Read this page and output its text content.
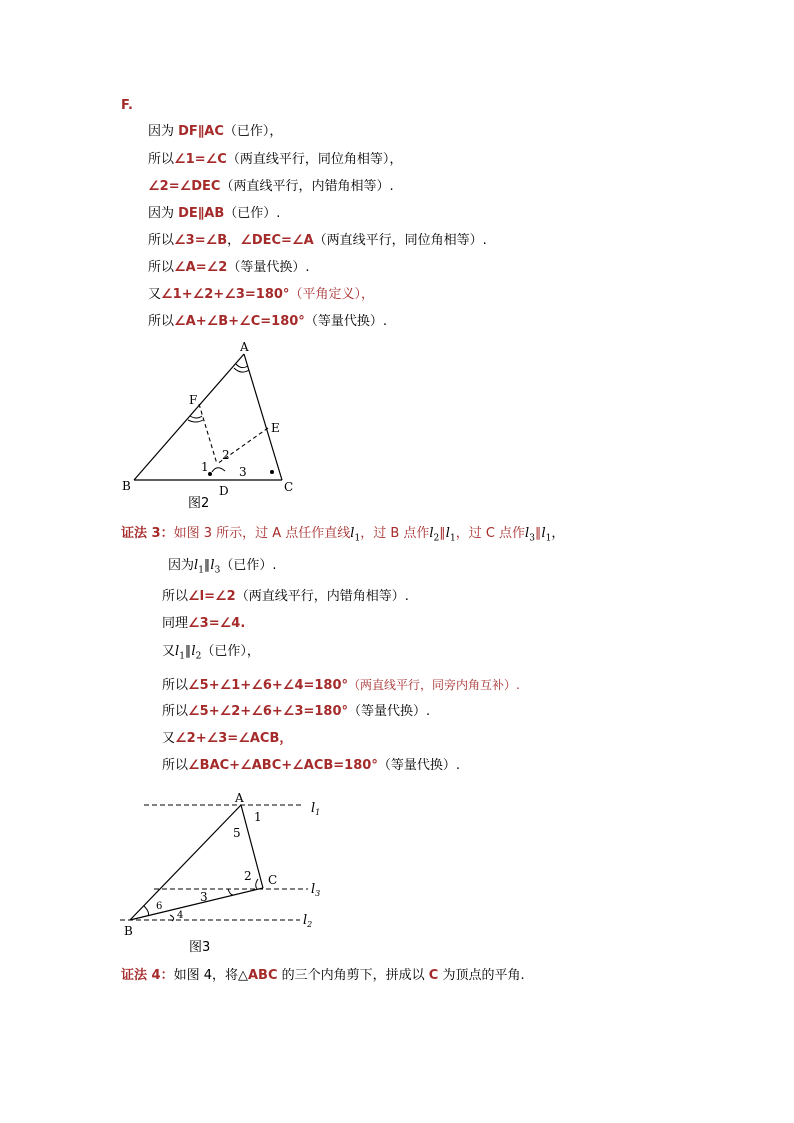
F.
因为 DF∥AC（已作），
所以∠1=∠C（两直线平行，同位角相等），
∠2=∠DEC（两直线平行，内错角相等）.
因为 DE∥AB（已作）.
所以∠3=∠B，∠DEC=∠A（两直线平行，同位角相等）.
所以∠A=∠2（等量代换）.
又∠1+∠2+∠3=180°（平角定义），
所以∠A+∠B+∠C=180°（等量代换）.
A
B	C
D
E
F
1
2
3
图2
证法 3：如图 3 所示，过 A 点任作直线$l_1$，过 B 点作$l_2\parallel l_1$，过 C 点作$l_3\parallel l_1$，
因为$l_1\parallel l_3$（已作）.
所以∠l=∠2（两直线平行，内错角相等）.
同理∠3=∠4.
又$l_1\parallel l_2$（已作），
所以∠5+∠1+∠6+∠4=180°（两直线平行，同旁内角互补）.
所以∠5+∠2+∠6+∠3=180°（等量代换）.
又∠2+∠3=∠ACB，
所以∠BAC+∠ABC+∠ACB=180°（等量代换）.
A
B
C
1
5
2
3
6
4
$l_1$
$l_3$
$l_2$
图3
证法 4：如图 4，将△ABC 的三个内角剪下，拼成以 C 为顶点的平角.
